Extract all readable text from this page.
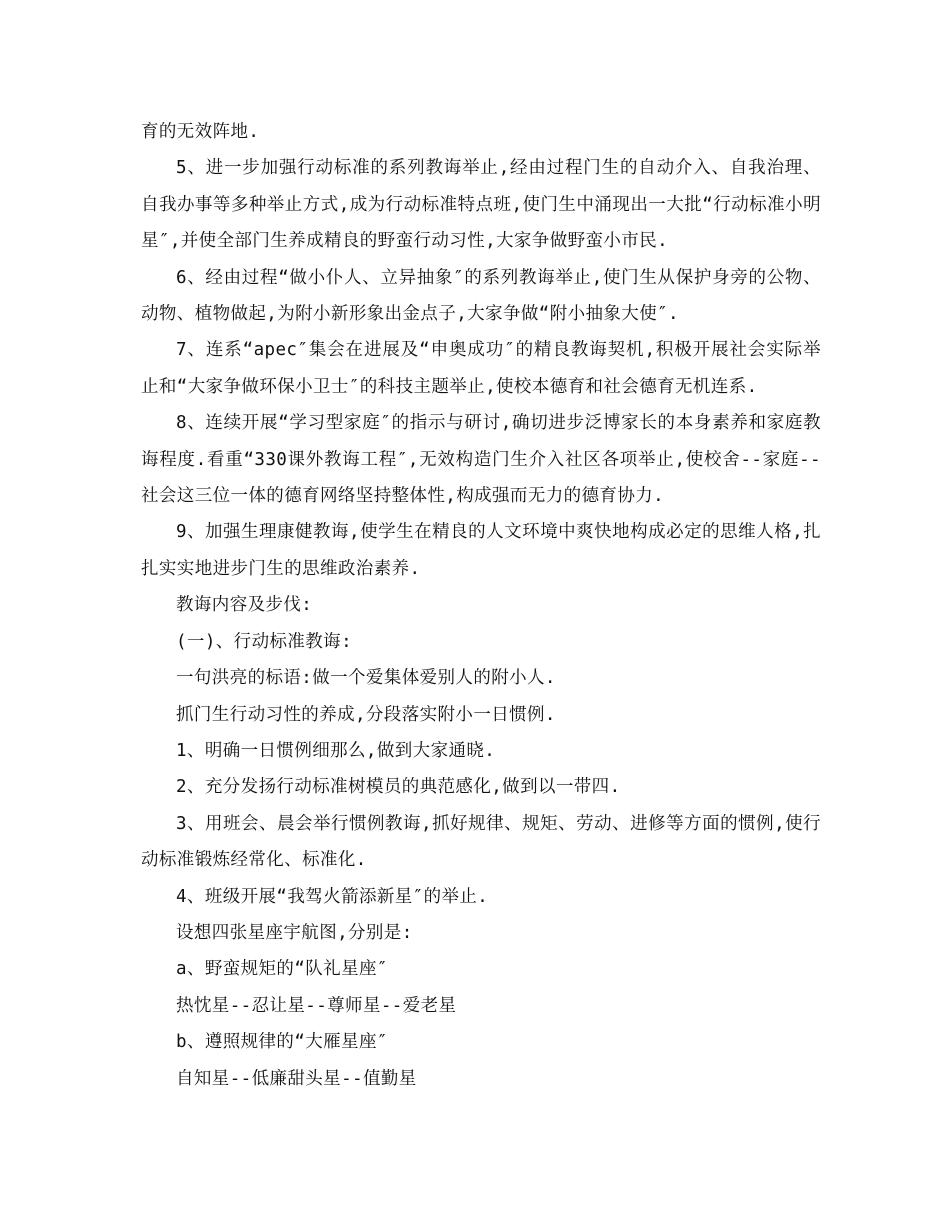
育的无效阵地.

5、进一步加强行动标准的系列教诲举止,经由过程门生的自动介入、自我治理、自我办事等多种举止方式,成为行动标准特点班,使门生中涌现出一大批“行动标准小明星″,并使全部门生养成精良的野蛮行动习性,大家争做野蛮小市民.

6、经由过程“做小仆人、立异抽象″的系列教诲举止,使门生从保护身旁的公物、动物、植物做起,为附小新形象出金点子,大家争做“附小抽象大使″.

7、连系“apec″集会在进展及“申奥成功″的精良教诲契机,积极开展社会实际举止和“大家争做环保小卫士″的科技主题举止,使校本德育和社会德育无机连系.

8、连续开展“学习型家庭″的指示与研讨,确切进步泛博家长的本身素养和家庭教诲程度.看重“330课外教诲工程″,无效构造门生介入社区各项举止,使校舍--家庭--社会这三位一体的德育网络坚持整体性,构成强而无力的德育协力.

9、加强生理康健教诲,使学生在精良的人文环境中爽快地构成必定的思维人格,扎扎实实地进步门生的思维政治素养.

教诲内容及步伐:

(一)、行动标准教诲:

一句洪亮的标语:做一个爱集体爱别人的附小人.

抓门生行动习性的养成,分段落实附小一日惯例.

1、明确一日惯例细那么,做到大家通晓.

2、充分发扬行动标准树模员的典范感化,做到以一带四.

3、用班会、晨会举行惯例教诲,抓好规律、规矩、劳动、进修等方面的惯例,使行动标准锻炼经常化、标准化.

4、班级开展“我驾火箭添新星″的举止.

设想四张星座宇航图,分别是:

a、野蛮规矩的“队礼星座″

热忱星--忍让星--尊师星--爱老星

b、遵照规律的“大雁星座″

自知星--低廉甜头星--值勤星
